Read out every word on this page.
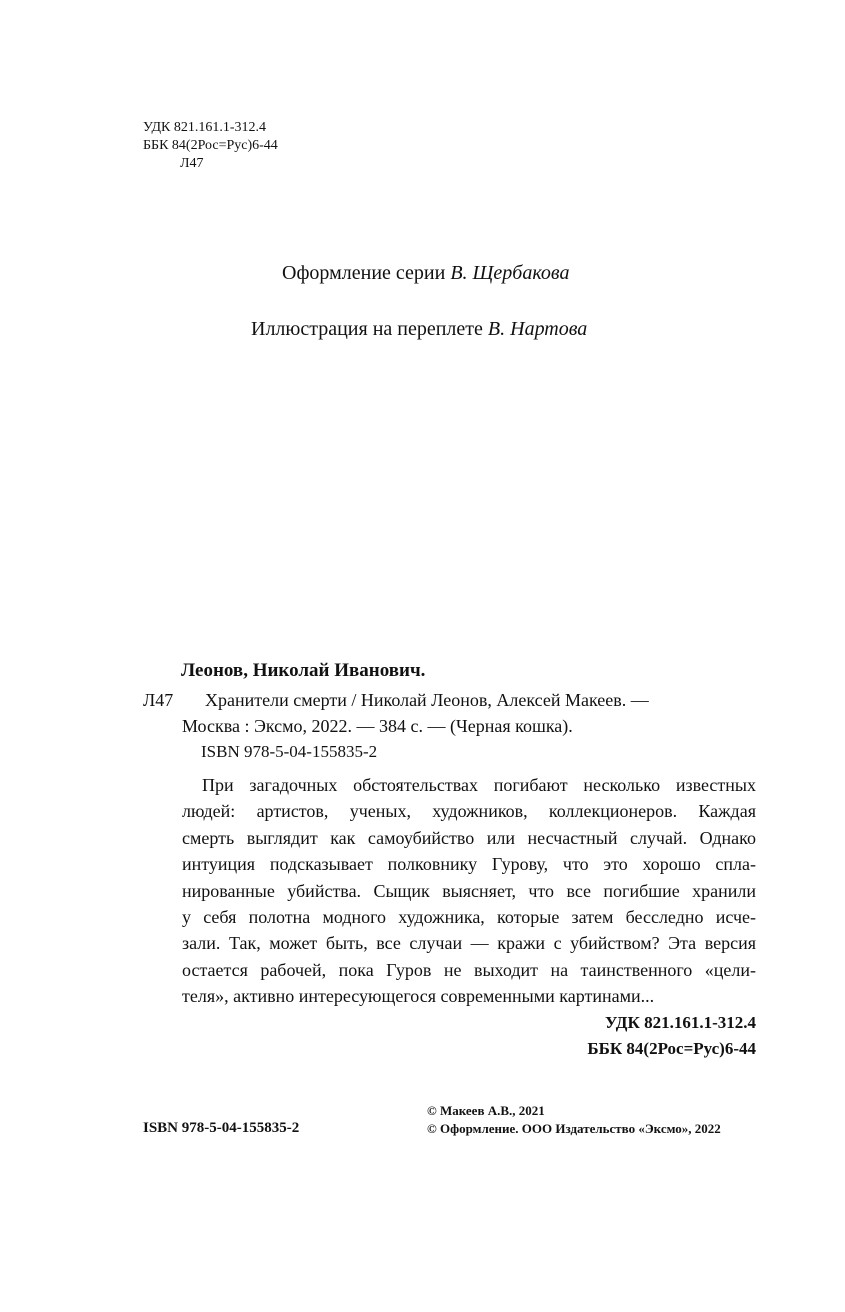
УДК 821.161.1-312.4
ББК 84(2Рос=Рус)6-44
Л47
Оформление серии В. Щербакова
Иллюстрация на переплете В. Нартова
Леонов, Николай Иванович.
Л47 Хранители смерти / Николай Леонов, Алексей Макеев. —
Москва : Эксмо, 2022. — 384 с. — (Черная кошка).
ISBN 978-5-04-155835-2
При загадочных обстоятельствах погибают несколько известных
людей: артистов, ученых, художников, коллекционеров. Каждая
смерть выглядит как самоубийство или несчастный случай. Однако
интуиция подсказывает полковнику Гурову, что это хорошо спла-
нированные убийства. Сыщик выясняет, что все погибшие хранили
у себя полотна модного художника, которые затем бесследно исче-
зали. Так, может быть, все случаи — кражи с убийством? Эта версия
остается рабочей, пока Гуров не выходит на таинственного «цели-
теля», активно интересующегося современными картинами...
УДК 821.161.1-312.4
ББК 84(2Рос=Рус)6-44
ISBN 978-5-04-155835-2
© Макеев А.В., 2021
© Оформление. ООО Издательство «Эксмо», 2022
